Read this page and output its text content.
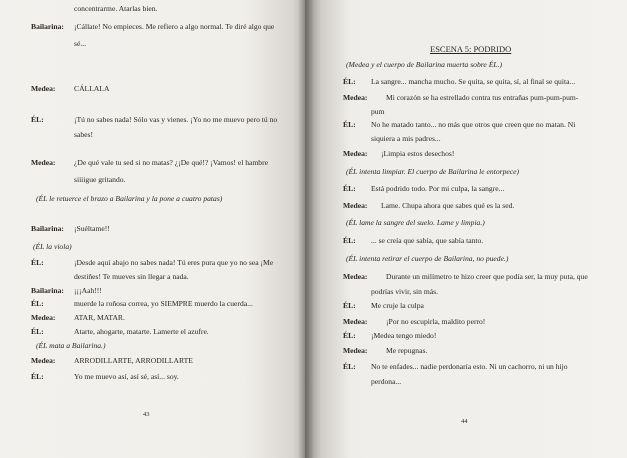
concentrarme. Atarlas bien.
Bailarina: ¡Cállate! No empieces. Me refiero a algo normal. Te diré algo que
sé...
Medea: CÁLLALA
ÉL:	¡Tú no sabes nada! Sólo vas y vienes. ¡Yo no me muevo pero tú no
sabes!
Medea: ¿De qué vale tu sed si no matas? ¿¡De qué!? ¡Vamos! el hambre
siiiigue gritando.
(ÉL le retuerce el brazo a Bailarina y la pone a cuatro patas)
Bailarina: ¡Suéltame!!
(ÉL la viola)
ÉL:	¡Desde aquí abajo no sabes nada! Tú eres pura que yo no sea ¡Me
destiñes! Te mueves sin llegar a nada.
Bailarina: ¡¡¡Aah!!!
ÉL:	muerde la roñosa correa, yo SIEMPRE muerdo la cuerda...
Medea: ATAR, MATAR.
ÉL:	Atarte, ahogarte, matarte. Lamerte el azufre.
(ÉL mata a Bailarina.)
Medea: ARRODILLARTE, ARRODILLARTE
ÉL:	Yo me muevo así, así sé, así... soy.
43
ESCENA 5: PODRIDO
(Medea y el cuerpo de Bailarina muerta sobre ÉL.)
ÉL: La sangre... mancha mucho. Se quita, se quita, sí, al final se quita...
Medea: Mi corazón se ha estrellado contra tus entrañas pum-pum-pum-
pum
ÉL: No he matado tanto... no más que otros que creen que no matan. Ni
siquiera a mis padres...
Medea: ¡Limpia estos desechos!
(ÉL intenta limpiar. El cuerpo de Bailarina le entorpece)
ÉL: Está podrido todo. Por mi culpa, la sangre...
Medea: Lame. Chupa ahora que sabes qué es la sed.
(ÉL lame la sangre del suelo. Lame y limpia.)
ÉL: ... se creía que sabía, que sabía tanto.
(ÉL intenta retirar el cuerpo de Bailarina, no puede.)
Medea: Durante un milímetro te hizo creer que podía ser, la muy puta, que
podrías vivir, sin más.
ÉL: Me cruje la culpa
Medea: ¡Por no escupirla, maldito perro!
ÉL: ¡Medea tengo miedo!
Medea: Me repugnas.
ÉL: No te enfades... nadie perdonaría esto. Ni un cachorro, ni un hijo
perdona...
44
